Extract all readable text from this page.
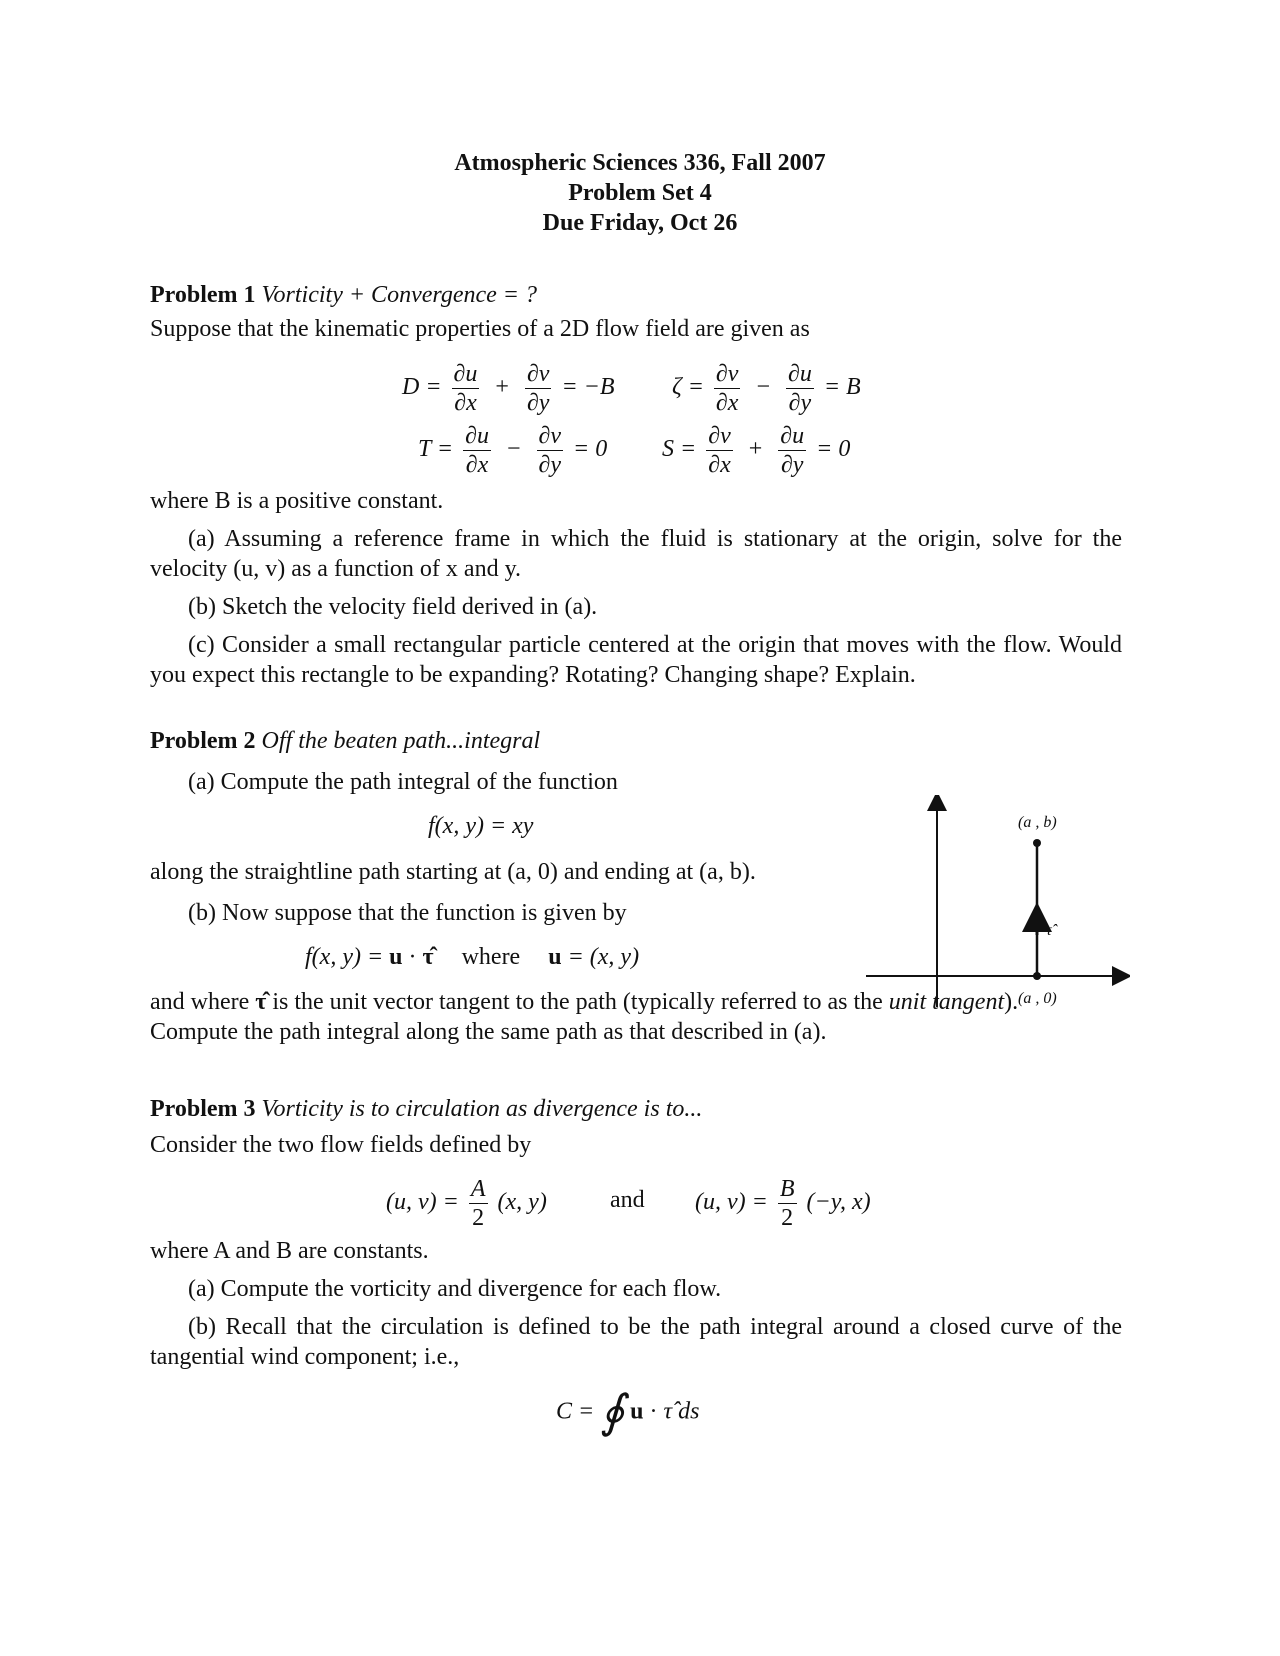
Atmospheric Sciences 336, Fall 2007
Problem Set 4
Due Friday, Oct 26
Problem 1 Vorticity + Convergence = ?
Suppose that the kinematic properties of a 2D flow field are given as
$D = \frac{\partial u}{\partial x} + \frac{\partial v}{\partial y} = -B$ $\zeta = \frac{\partial v}{\partial x} - \frac{\partial u}{\partial y} = B$
$T = \frac{\partial u}{\partial x} - \frac{\partial v}{\partial y} = 0$ $S = \frac{\partial v}{\partial x} + \frac{\partial u}{\partial y} = 0$
where B is a positive constant.
(a) Assuming a reference frame in which the fluid is stationary at the origin, solve for the velocity (u, v) as a function of x and y.
(b) Sketch the velocity field derived in (a).
(c) Consider a small rectangular particle centered at the origin that moves with the flow. Would you expect this rectangle to be expanding? Rotating? Changing shape? Explain.
Problem 2 Off the beaten path...integral
(a) Compute the path integral of the function
f(x, y) = xy
along the straightline path starting at (a, 0) and ending at (a, b).
(b) Now suppose that the function is given by
f(x, y) = u · τ̂ where u = (x, y)
(a , b)
τ̂
(a , 0)
and where τ̂ is the unit vector tangent to the path (typically referred to as the unit tangent).
Compute the path integral along the same path as that described in (a).
Problem 3 Vorticity is to circulation as divergence is to...
Consider the two flow fields defined by
(u, $v) = \frac{A}{2} (x$, y)	and (u, $v) = \frac{B}{2} (-y$, x)
where A and B are constants.
(a) Compute the vorticity and divergence for each flow.
(b) Recall that the circulation is defined to be the path integral around a closed curve of the tangential wind component; i.e.,
C = ∮ u · τ̂ ds
